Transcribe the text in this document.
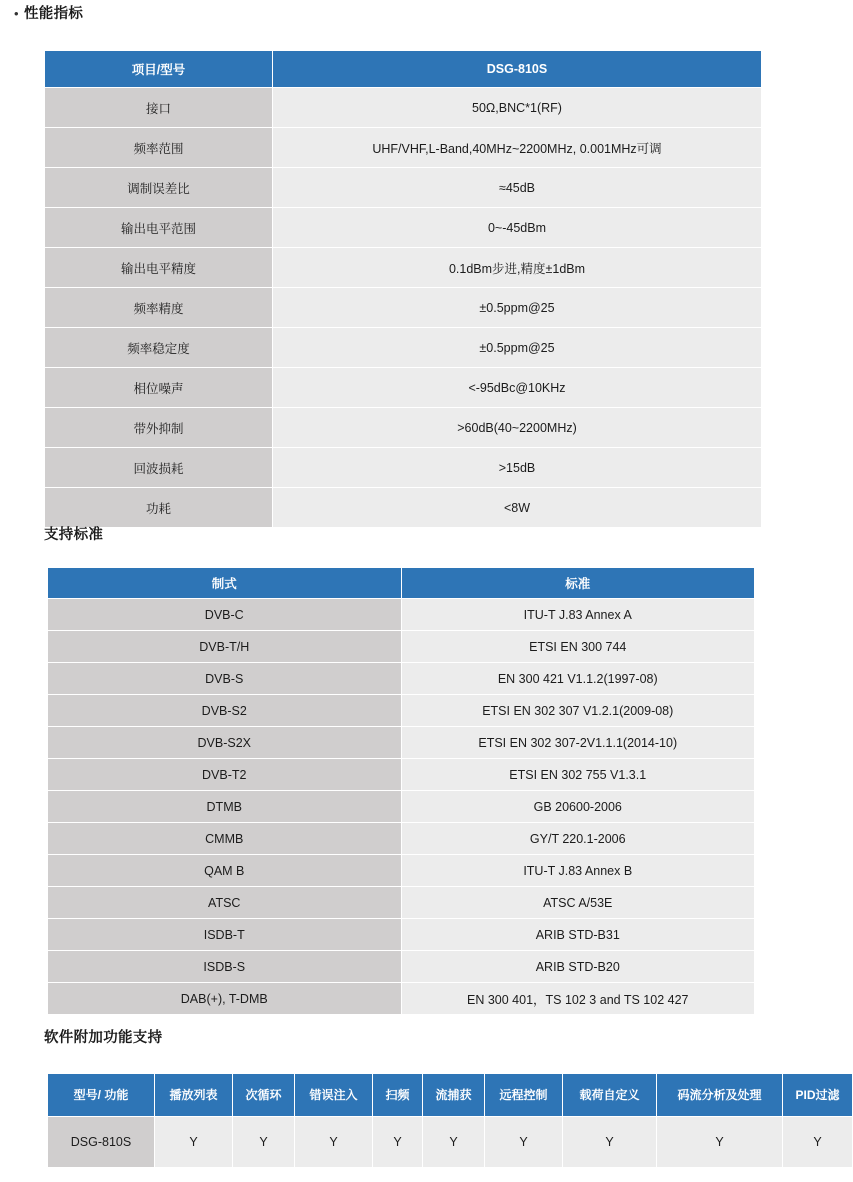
• 性能指标
项目/型号	DSG-810S
接口	50Ω,BNC*1(RF)
频率范围	UHF/VHF,L-Band,40MHz~2200MHz, 0.001MHz可调
调制误差比	≈45dB
输出电平范围	0~-45dBm
输出电平精度	0.1dBm步进,精度±1dBm
频率精度	±0.5ppm@25
频率稳定度	±0.5ppm@25
相位噪声	<-95dBc@10KHz
带外抑制	>60dB(40~2200MHz)
回波损耗	>15dB
功耗	<8W
支持标准
制式	标准
DVB-C	ITU-T J.83 Annex A
DVB-T/H	ETSI EN 300 744
DVB-S	EN 300 421 V1.1.2(1997-08)
DVB-S2	ETSI EN 302 307 V1.2.1(2009-08)
DVB-S2X	ETSI EN 302 307-2V1.1.1(2014-10)
DVB-T2	ETSI EN 302 755 V1.3.1
DTMB	GB 20600-2006
CMMB	GY/T 220.1-2006
QAM B	ITU-T J.83 Annex B
ATSC	ATSC A/53E
ISDB-T	ARIB STD-B31
ISDB-S	ARIB STD-B20
DAB(+), T-DMB	EN 300 401，TS 102 3 and TS 102 427
软件附加功能支持
型号/ 功能	播放列表	次循环	错误注入	扫频	流捕获	远程控制	载荷自定义	码流分析及处理	PID过滤
DSG-810S	Y	Y	Y	Y	Y	Y	Y	Y	Y
